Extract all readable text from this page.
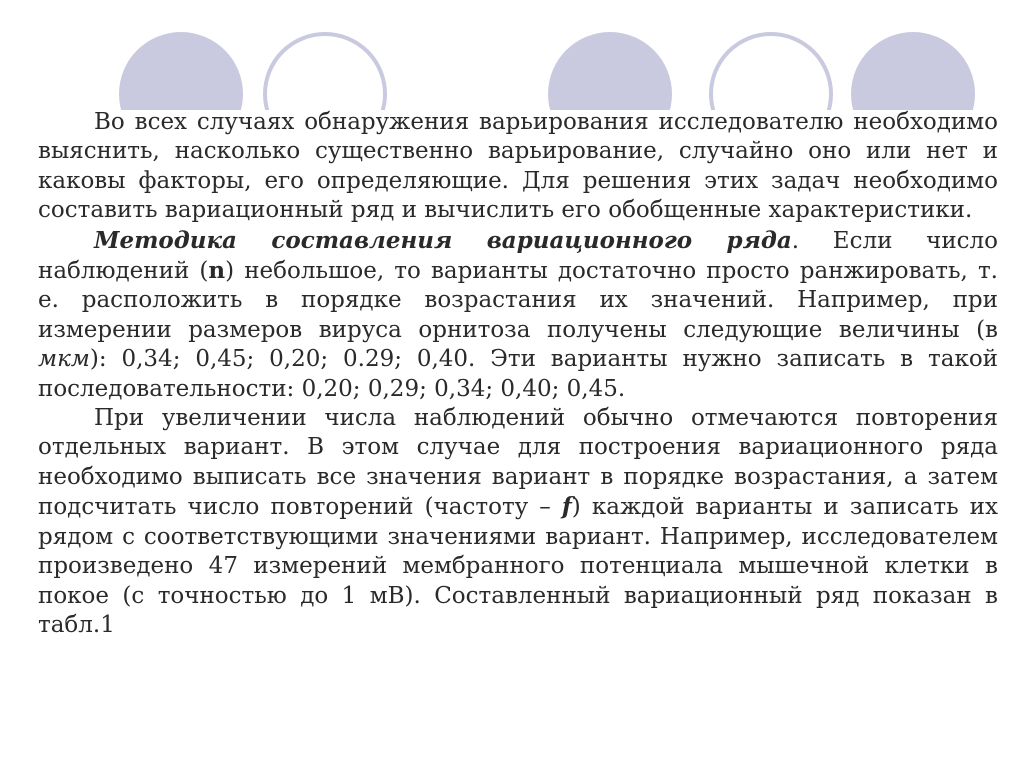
Во всех случаях обнаружения варьирования исследователю необходимо выяснить, насколько существенно варьирование, случайно оно или нет и каковы факторы, его определяющие. Для решения этих задач необходимо составить вариационный ряд и вычислить его обобщенные характеристики.

Методика составления вариационного ряда. Если число наблюдений (n) небольшое, то варианты достаточно просто ранжировать, т. е. расположить в порядке возрастания их значений. Например, при измерении размеров вируса орнитоза получены следующие величины (в мкм): 0,34; 0,45; 0,20; 0.29; 0,40. Эти варианты нужно записать в такой последовательности: 0,20; 0,29; 0,34; 0,40; 0,45.

При увеличении числа наблюдений обычно отмечаются повторения отдельных вариант. В этом случае для построения вариационного ряда необходимо выписать все значения вариант в порядке возрастания, а затем подсчитать число повторений (частоту – f) каждой варианты и записать их рядом с соответствующими значениями вариант. Например, исследователем произведено 47 измерений мембранного потенциала мышечной клетки в покое (с точностью до 1 мВ). Составленный вариационный ряд показан в табл.1
